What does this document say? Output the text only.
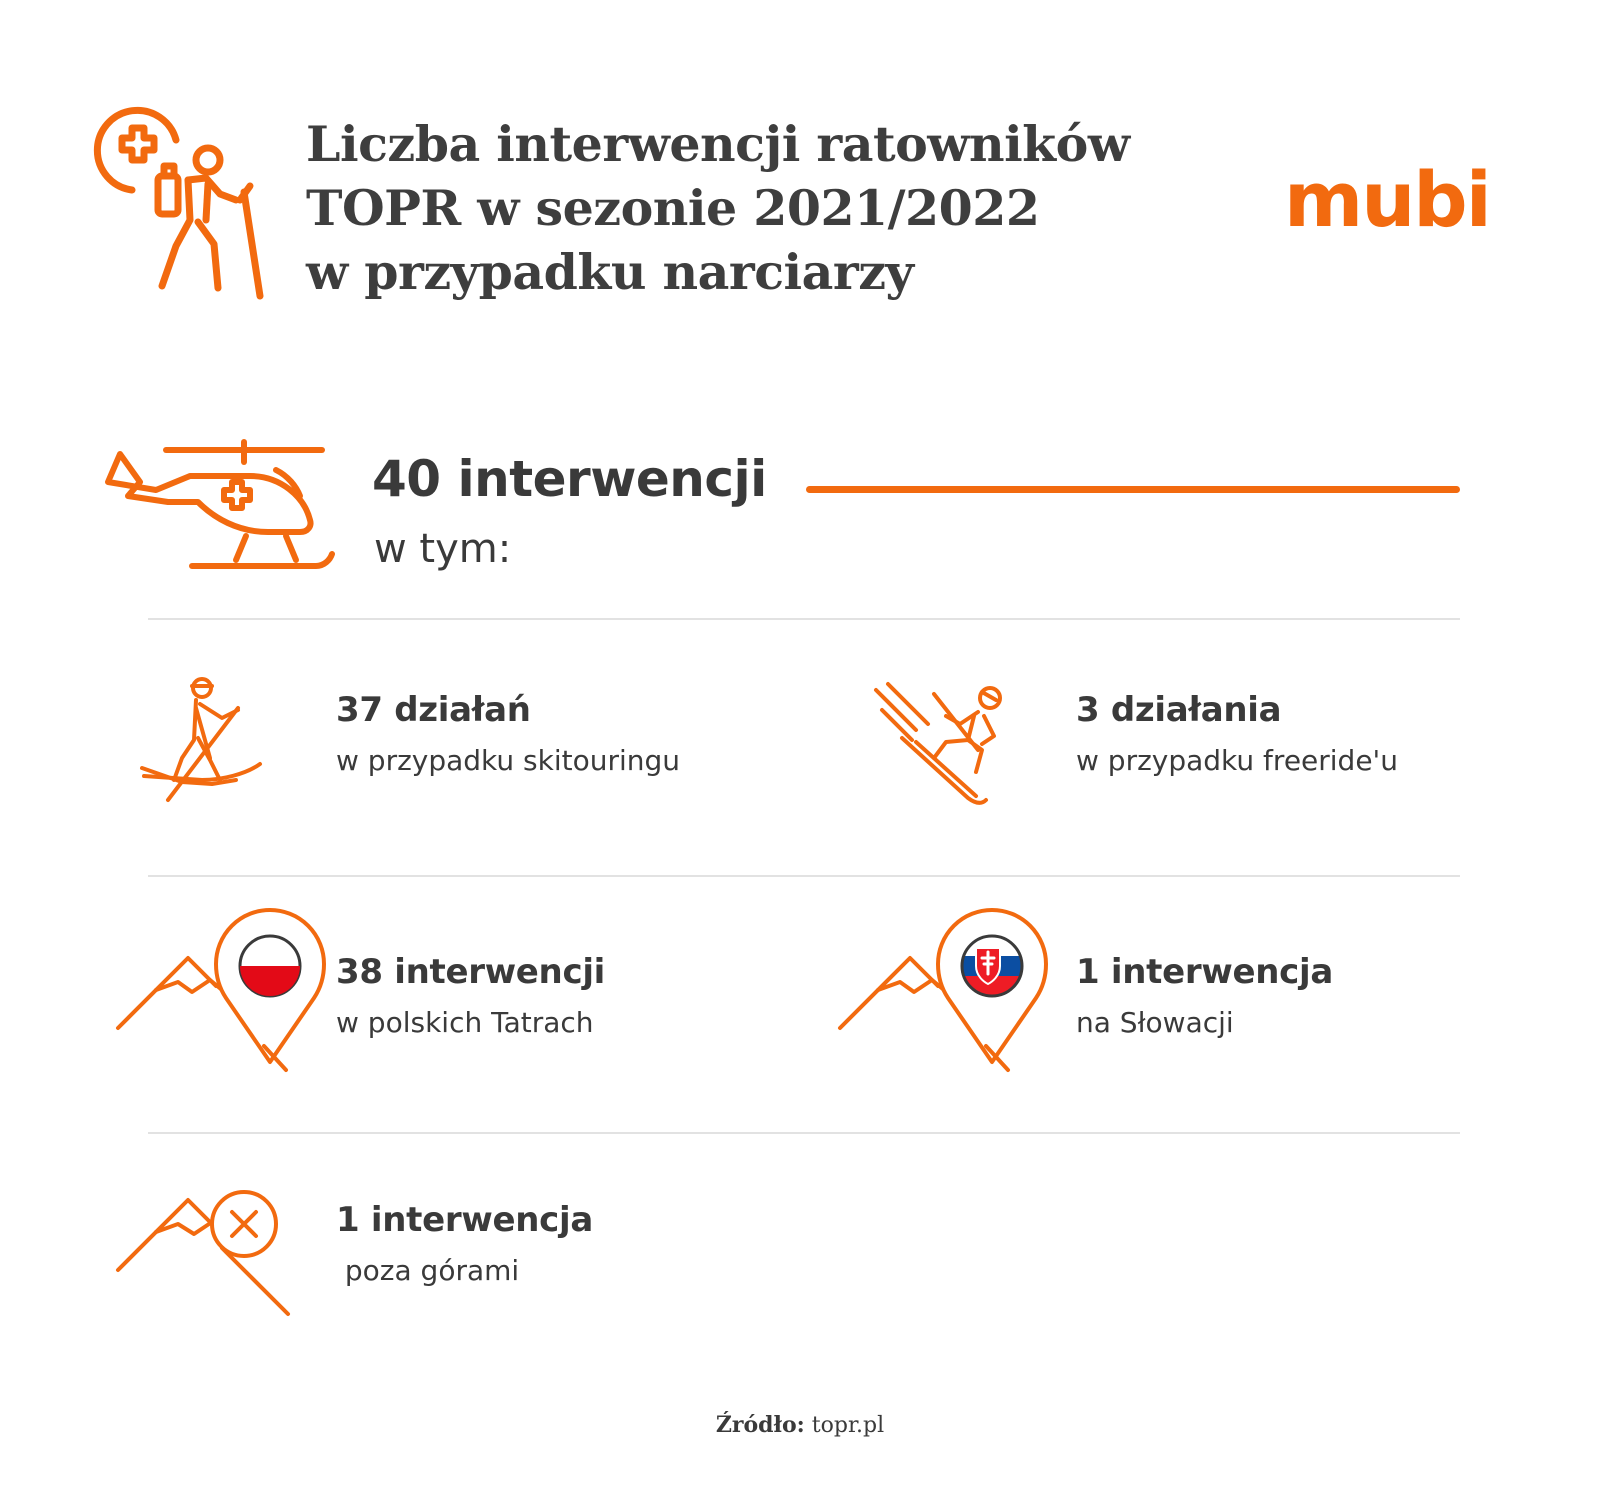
Liczba interwencji ratowników
TOPR w sezonie 2021/2022
w przypadku narciarzy
mubi
40 interwencji
w tym:
37 działań
w przypadku skitouringu
3 działania
w przypadku freeride'u
38 interwencji
w polskich Tatrach
1 interwencja
na Słowacji
1 interwencja
poza górami
Źródło: topr.pl
